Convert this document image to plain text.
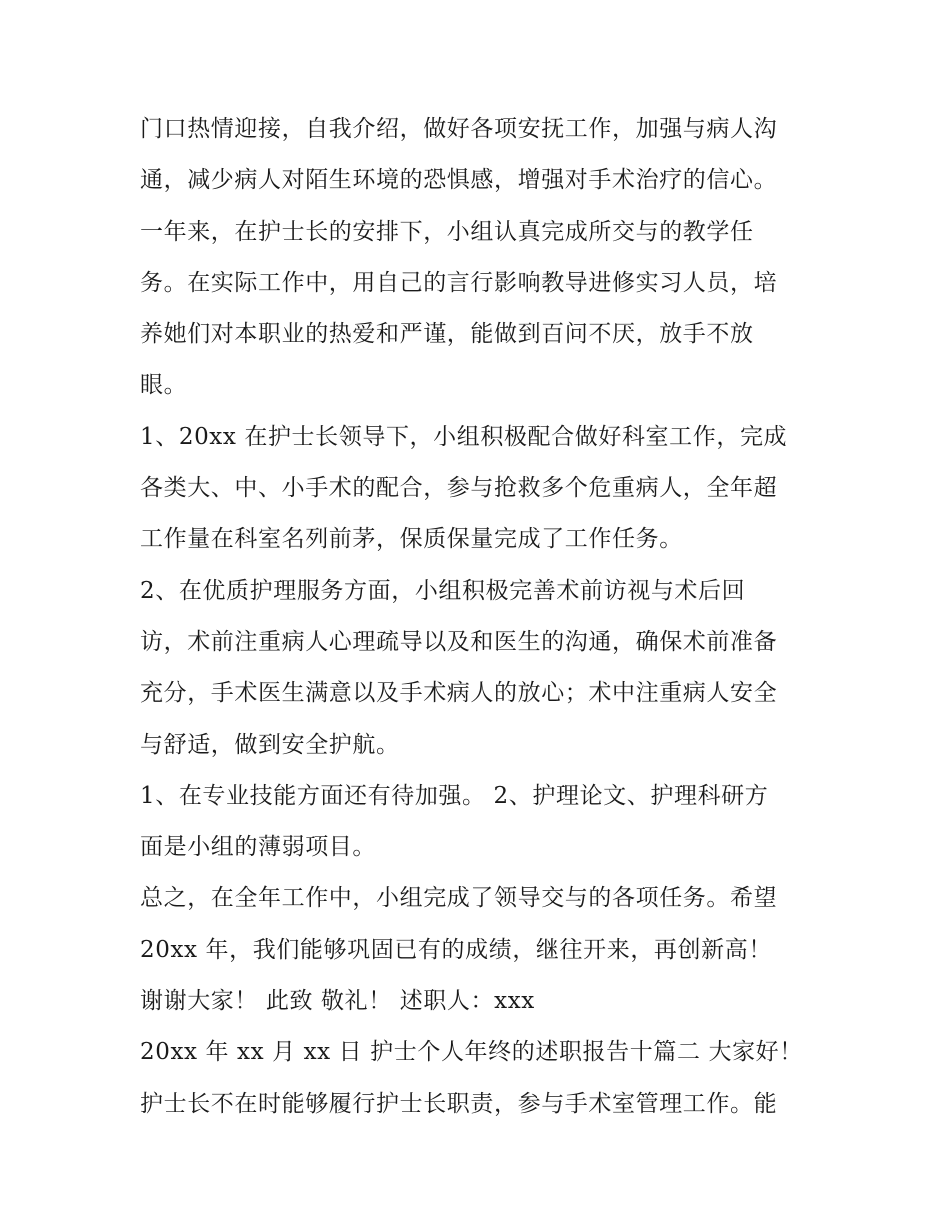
门口热情迎接，自我介绍，做好各项安抚工作，加强与病人沟
通，减少病人对陌生环境的恐惧感，增强对手术治疗的信心。
一年来，在护士长的安排下，小组认真完成所交与的教学任
务。在实际工作中，用自己的言行影响教导进修实习人员，培
养她们对本职业的热爱和严谨，能做到百问不厌，放手不放
眼。
1、20xx 在护士长领导下，小组积极配合做好科室工作，完成
各类大、中、小手术的配合，参与抢救多个危重病人，全年超
工作量在科室名列前茅，保质保量完成了工作任务。
2、在优质护理服务方面，小组积极完善术前访视与术后回
访，术前注重病人心理疏导以及和医生的沟通，确保术前准备
充分，手术医生满意以及手术病人的放心；术中注重病人安全
与舒适，做到安全护航。
1、在专业技能方面还有待加强。 2、护理论文、护理科研方
面是小组的薄弱项目。
总之，在全年工作中，小组完成了领导交与的各项任务。希望
20xx 年，我们能够巩固已有的成绩，继往开来，再创新高！
谢谢大家！ 此致 敬礼！ 述职人：xxx
20xx 年 xx 月 xx 日 护士个人年终的述职报告十篇二 大家好！
护士长不在时能够履行护士长职责，参与手术室管理工作。能
